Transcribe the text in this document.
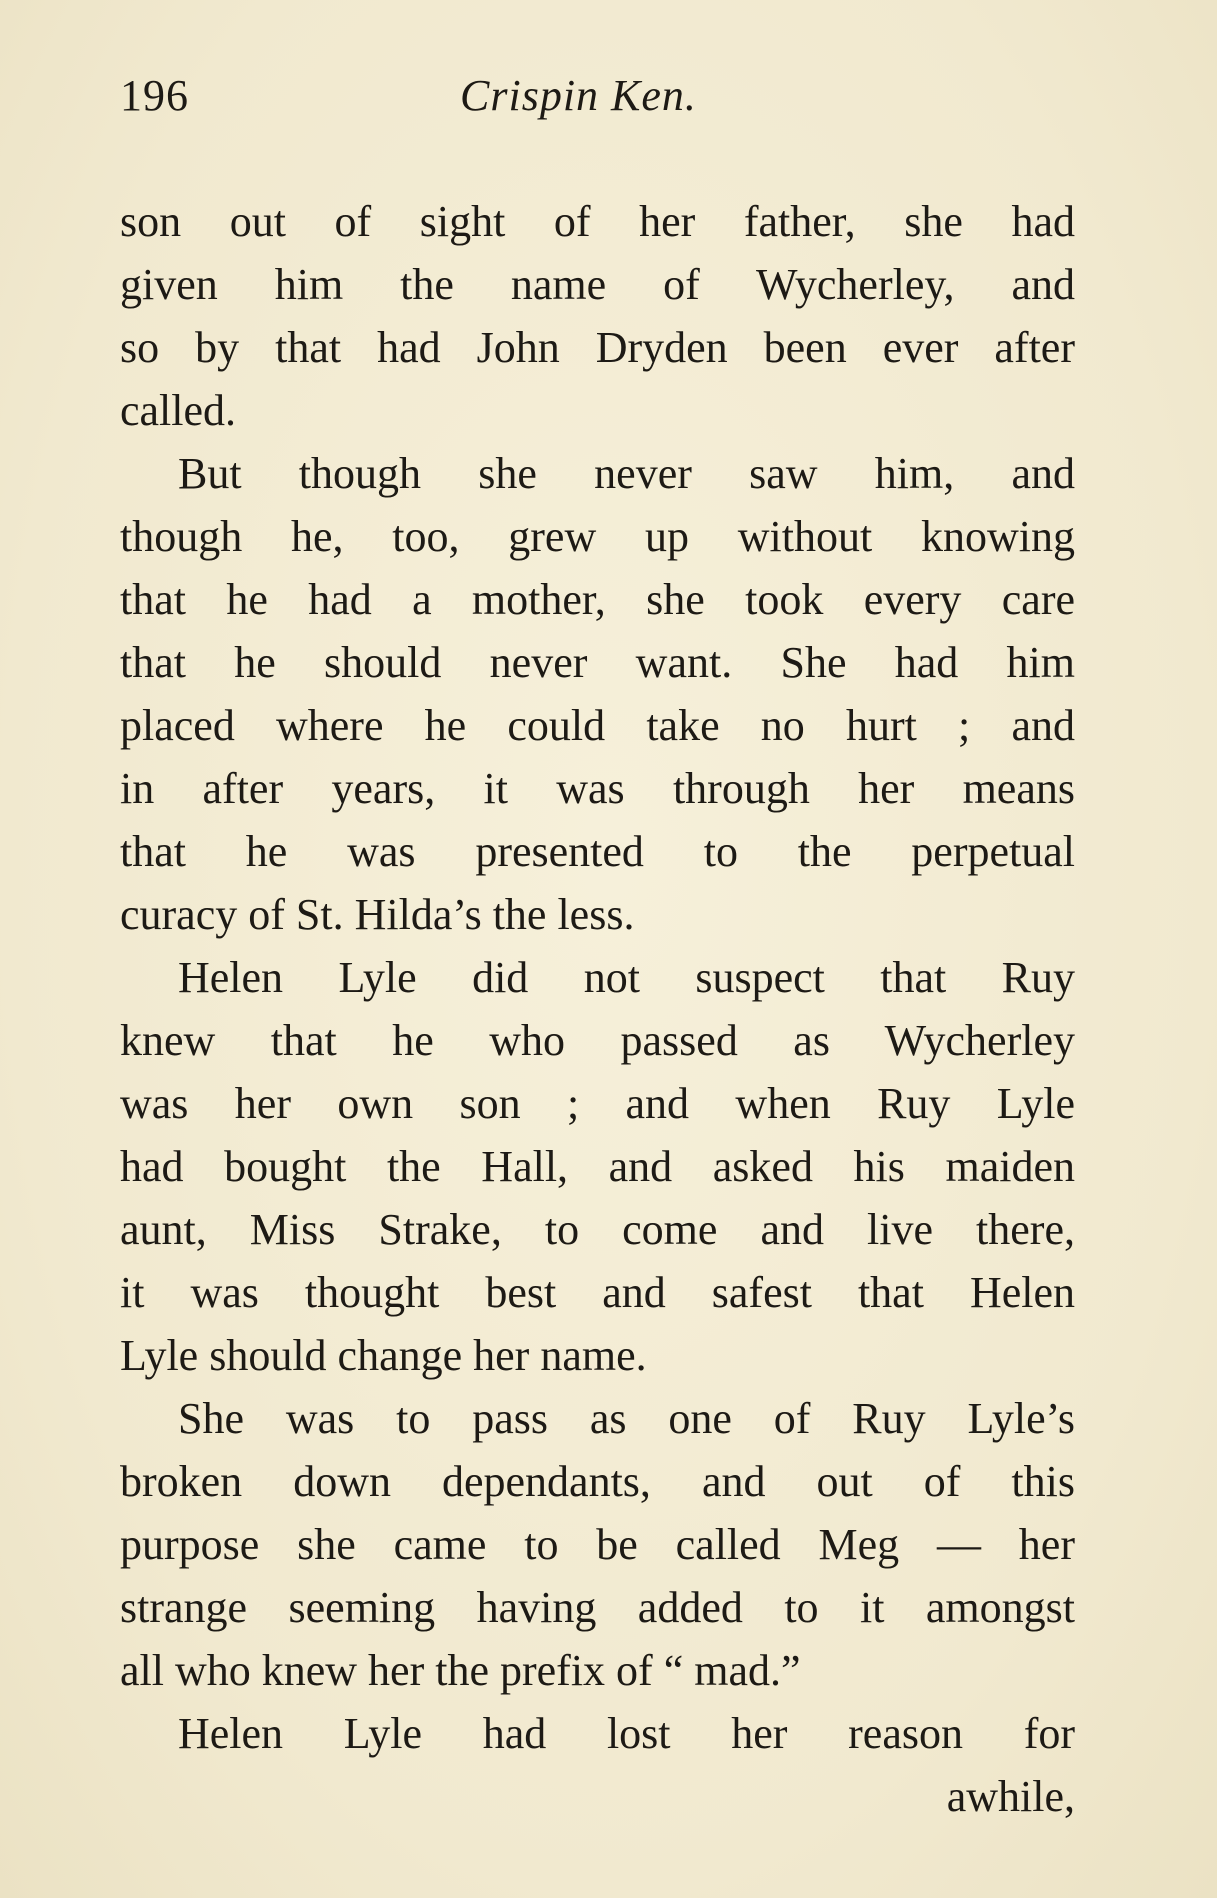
196	Crispin Ken.
son out of sight of her father, she had
given him the name of Wycherley, and
so by that had John Dryden been ever after
called.
But though she never saw him, and
though he, too, grew up without knowing
that he had a mother, she took every care
that he should never want. She had him
placed where he could take no hurt ; and
in after years, it was through her means
that he was presented to the perpetual
curacy of St. Hilda’s the less.
Helen Lyle did not suspect that Ruy
knew that he who passed as Wycherley
was her own son ; and when Ruy Lyle
had bought the Hall, and asked his maiden
aunt, Miss Strake, to come and live there,
it was thought best and safest that Helen
Lyle should change her name.
She was to pass as one of Ruy Lyle’s
broken down dependants, and out of this
purpose she came to be called Meg — her
strange seeming having added to it amongst
all who knew her the prefix of “ mad.”
Helen Lyle had lost her reason for
awhile,
